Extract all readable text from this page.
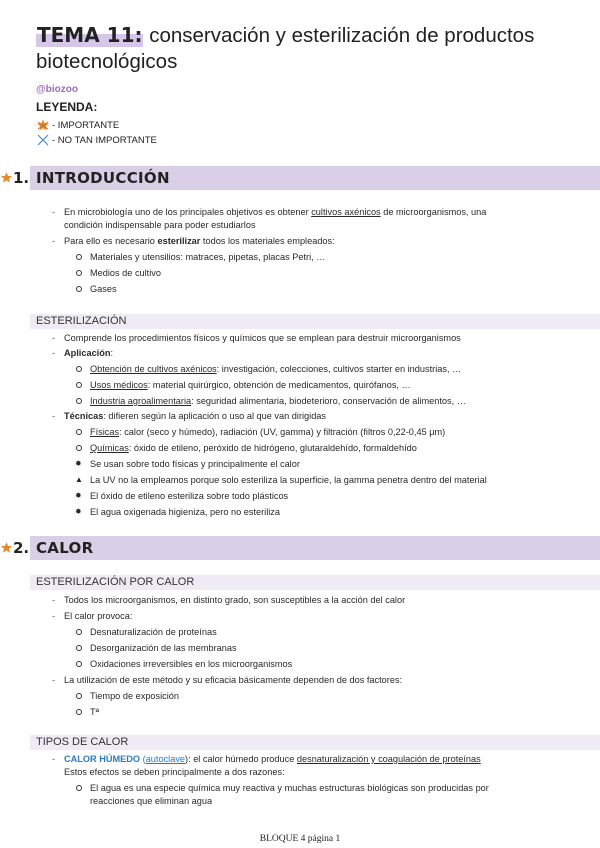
TEMA 11: conservación y esterilización de productos biotecnológicos
@biozoo
LEYENDA:
- IMPORTANTE
- NO TAN IMPORTANTE
1. INTRODUCCIÓN
- En microbiología uno de los principales objetivos es obtener cultivos axénicos de microorganismos, una
condición indispensable para poder estudiarlos
- Para ello es necesario esterilizar todos los materiales empleados:
Materiales y utensilios: matraces, pipetas, placas Petri, …
Medios de cultivo
Gases
ESTERILIZACIÓN
- Comprende los procedimientos físicos y químicos que se emplean para destruir microorganismos
- Aplicación:
Obtención de cultivos axénicos: investigación, colecciones, cultivos starter en industrias, …
Usos médicos: material quirúrgico, obtención de medicamentos, quirófanos, …
Industria agroalimentaria: seguridad alimentaria, biodeterioro, conservación de alimentos, …
- Técnicas: difieren según la aplicación o uso al que van dirigidas
Físicas: calor (seco y húmedo), radiación (UV, gamma) y filtración (filtros 0,22-0,45 μm)
Químicas: óxido de etileno, peróxido de hidrógeno, glutaraldehído, formaldehído
✸ Se usan sobre todo físicas y principalmente el calor
▲ La UV no la empleamos porque solo esteriliza la superficie, la gamma penetra dentro del material
✸ El óxido de etileno esteriliza sobre todo plásticos
✸ El agua oxigenada higieniza, pero no esteriliza
2. CALOR
ESTERILIZACIÓN POR CALOR
- Todos los microorganismos, en distinto grado, son susceptibles a la acción del calor
- El calor provoca:
Desnaturalización de proteínas
Desorganización de las membranas
Oxidaciones irreversibles en los microorganismos
- La utilización de este método y su eficacia básicamente dependen de dos factores:
Tiempo de exposición
Tª
TIPOS DE CALOR
- CALOR HÚMEDO (autoclave): el calor húmedo produce desnaturalización y coagulación de proteínas
Estos efectos se deben principalmente a dos razones:
El agua es una especie química muy reactiva y muchas estructuras biológicas son producidas por
reacciones que eliminan agua
BLOQUE 4 página 1
